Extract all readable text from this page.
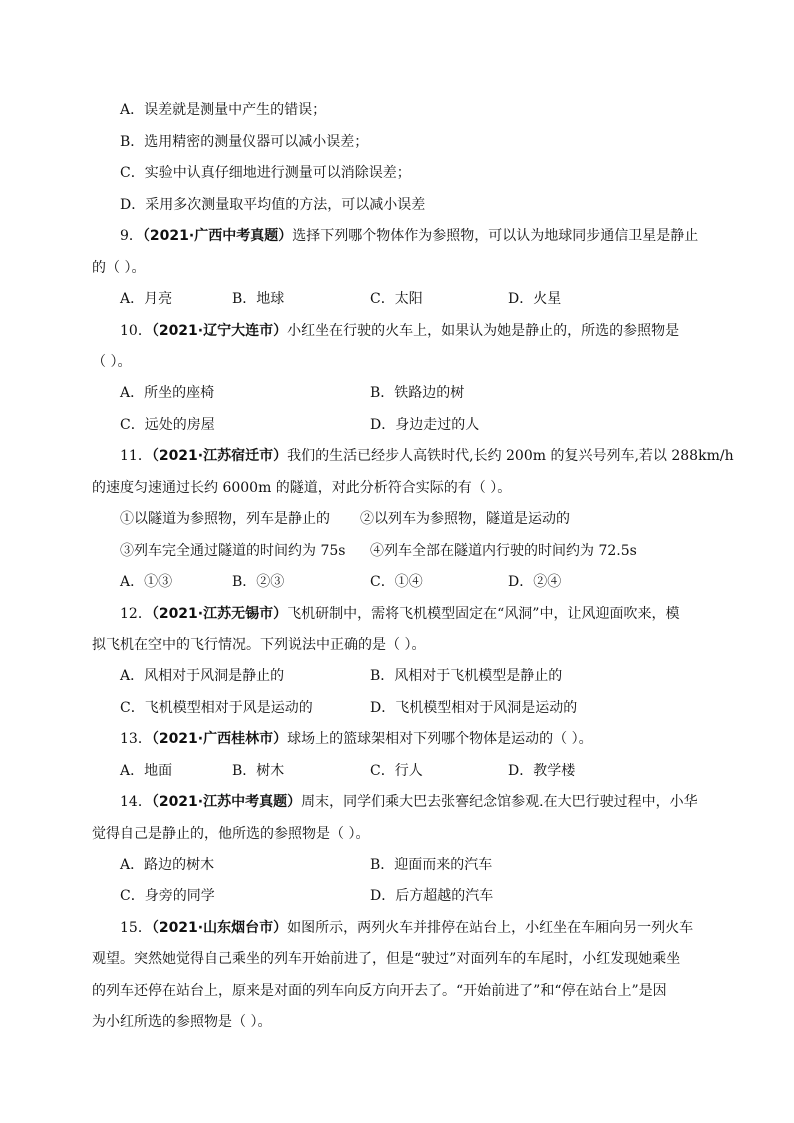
A．误差就是测量中产生的错误；
B．选用精密的测量仪器可以减小误差；
C．实验中认真仔细地进行测量可以消除误差；
D．采用多次测量取平均值的方法，可以减小误差
9．（2021·广西中考真题）选择下列哪个物体作为参照物，可以认为地球同步通信卫星是静止
的（ ）。
A．月亮	B．地球	C．太阳	D．火星
10．（2021·辽宁大连市）小红坐在行驶的火车上，如果认为她是静止的，所选的参照物是
（ ）。
A．所坐的座椅	B．铁路边的树
C．远处的房屋	D．身边走过的人
11．（2021·江苏宿迁市）我们的生活已经步人高铁时代,长约 200m 的复兴号列车,若以 288km/h
的速度匀速通过长约 6000m 的隧道，对此分析符合实际的有（ ）。
①以隧道为参照物，列车是静止的 ②以列车为参照物，隧道是运动的
③列车完全通过隧道的时间约为 75s ④列车全部在隧道内行驶的时间约为 72.5s
A．①③	B．②③	C．①④	D．②④
12．（2021·江苏无锡市）飞机研制中，需将飞机模型固定在“风洞”中，让风迎面吹来，模
拟飞机在空中的飞行情况。下列说法中正确的是（ ）。
A．风相对于风洞是静止的	B．风相对于飞机模型是静止的
C．飞机模型相对于风是运动的	D．飞机模型相对于风洞是运动的
13．（2021·广西桂林市）球场上的篮球架相对下列哪个物体是运动的（ ）。
A．地面	B．树木	C．行人	D．教学楼
14．（2021·江苏中考真题）周末，同学们乘大巴去张謇纪念馆参观.在大巴行驶过程中，小华
觉得自己是静止的，他所选的参照物是（ ）。
A．路边的树木	B．迎面而来的汽车
C．身旁的同学	D．后方超越的汽车
15．（2021·山东烟台市）如图所示，两列火车并排停在站台上，小红坐在车厢向另一列火车
观望。突然她觉得自己乘坐的列车开始前进了，但是“驶过”对面列车的车尾时，小红发现她乘坐
的列车还停在站台上，原来是对面的列车向反方向开去了。“开始前进了”和“停在站台上”是因
为小红所选的参照物是（ ）。
